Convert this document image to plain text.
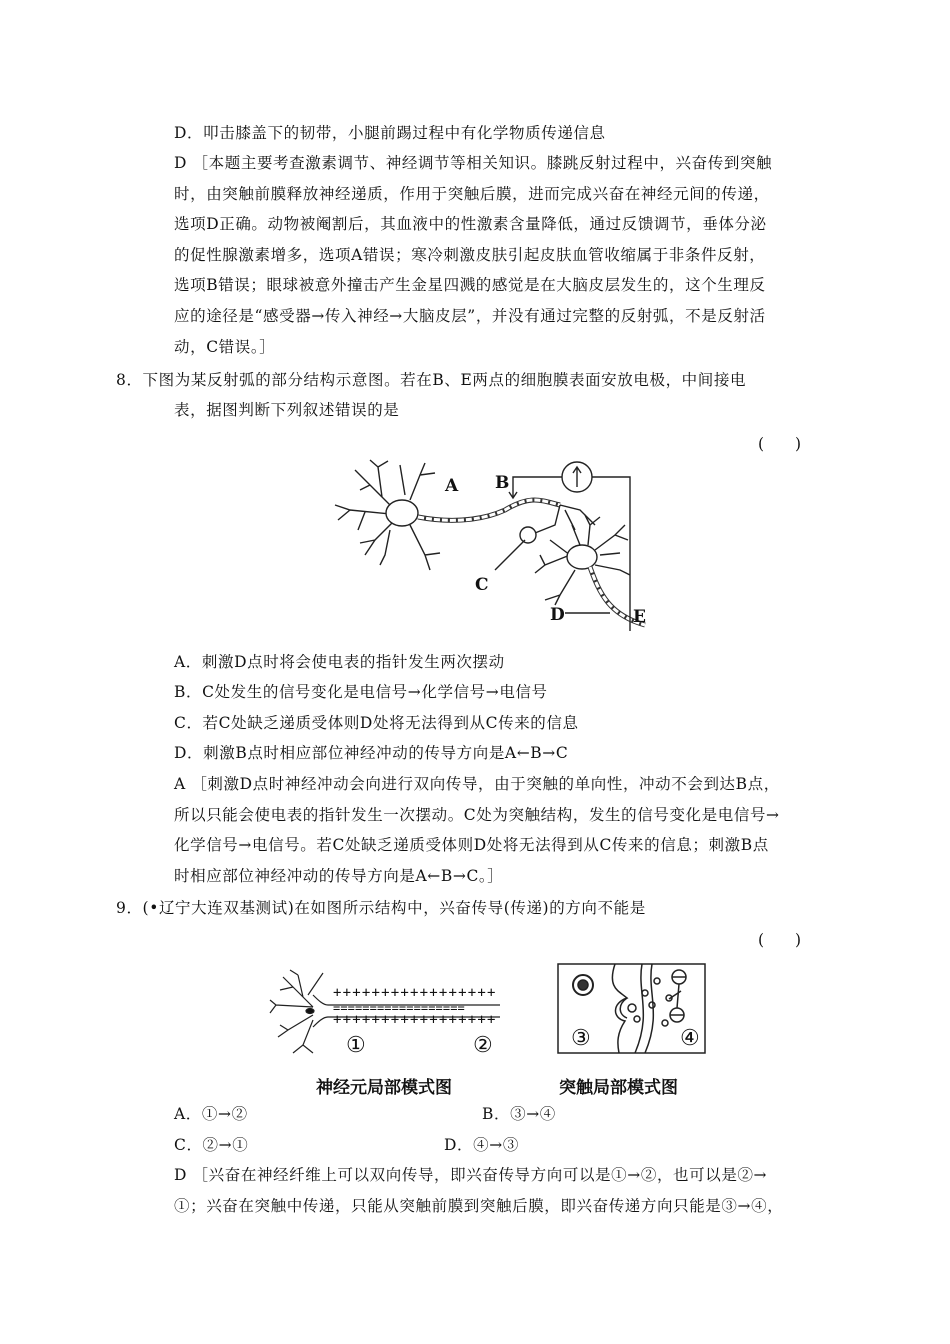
D．叩击膝盖下的韧带，小腿前踢过程中有化学物质传递信息
D ［本题主要考查激素调节、神经调节等相关知识。膝跳反射过程中，兴奋传到突触
时，由突触前膜释放神经递质，作用于突触后膜，进而完成兴奋在神经元间的传递，
选项D正确。动物被阉割后，其血液中的性激素含量降低，通过反馈调节，垂体分泌
的促性腺激素增多，选项A错误；寒冷刺激皮肤引起皮肤血管收缩属于非条件反射，
选项B错误；眼球被意外撞击产生金星四溅的感觉是在大脑皮层发生的，这个生理反
应的途径是“感受器→传入神经→大脑皮层”，并没有通过完整的反射弧，不是反射活
动，C错误。］
8．下图为某反射弧的部分结构示意图。若在B、E两点的细胞膜表面安放电极，中间接电
表，据图判断下列叙述错误的是
(　　)
A B
C
D	E
A．刺激D点时将会使电表的指针发生两次摆动
B．C处发生的信号变化是电信号→化学信号→电信号
C．若C处缺乏递质受体则D处将无法得到从C传来的信息
D．刺激B点时相应部位神经冲动的传导方向是A←B→C
A ［刺激D点时神经冲动会向进行双向传导，由于突触的单向性，冲动不会到达B点，
所以只能会使电表的指针发生一次摆动。C处为突触结构，发生的信号变化是电信号→
化学信号→电信号。若C处缺乏递质受体则D处将无法得到从C传来的信息；刺激B点
时相应部位神经冲动的传导方向是A←B→C。］
9．(•辽宁大连双基测试)在如图所示结构中，兴奋传导(传递)的方向不能是
(　　)
+++++++++++++++++
==================
+++++++++++++++++
①	②
神经元局部模式图
③	④
突触局部模式图
A．①→②	B．③→④
C．②→①	D．④→③
D ［兴奋在神经纤维上可以双向传导，即兴奋传导方向可以是①→②，也可以是②→
①；兴奋在突触中传递，只能从突触前膜到突触后膜，即兴奋传递方向只能是③→④，
